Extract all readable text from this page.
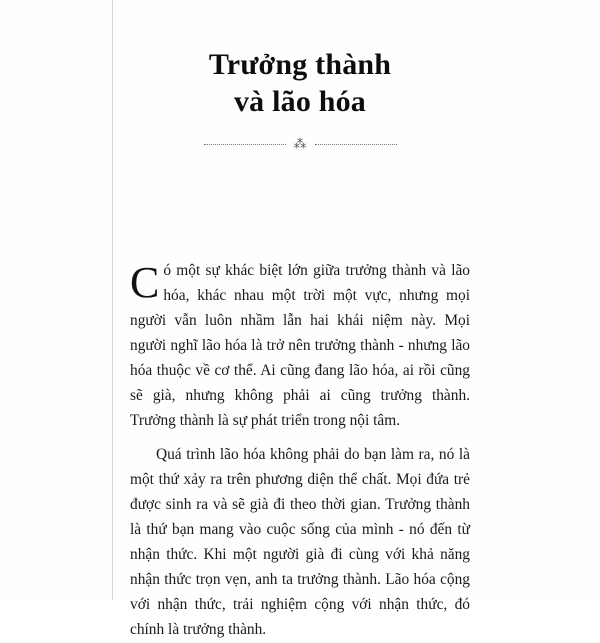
Trưởng thành
và lão hóa
⁂

Có một sự khác biệt lớn giữa trưởng thành và lão hóa, khác nhau một trời một vực, nhưng mọi người vẫn luôn nhầm lẫn hai khái niệm này. Mọi người nghĩ lão hóa là trở nên trưởng thành - nhưng lão hóa thuộc về cơ thể. Ai cũng đang lão hóa, ai rồi cũng sẽ già, nhưng không phải ai cũng trưởng thành. Trưởng thành là sự phát triển trong nội tâm.

Quá trình lão hóa không phải do bạn làm ra, nó là một thứ xảy ra trên phương diện thể chất. Mọi đứa trẻ được sinh ra và sẽ già đi theo thời gian. Trưởng thành là thứ bạn mang vào cuộc sống của mình - nó đến từ nhận thức. Khi một người già đi cùng với khả năng nhận thức trọn vẹn, anh ta trưởng thành. Lão hóa cộng với nhận thức, trải nghiệm cộng với nhận thức, đó chính là trưởng thành.
